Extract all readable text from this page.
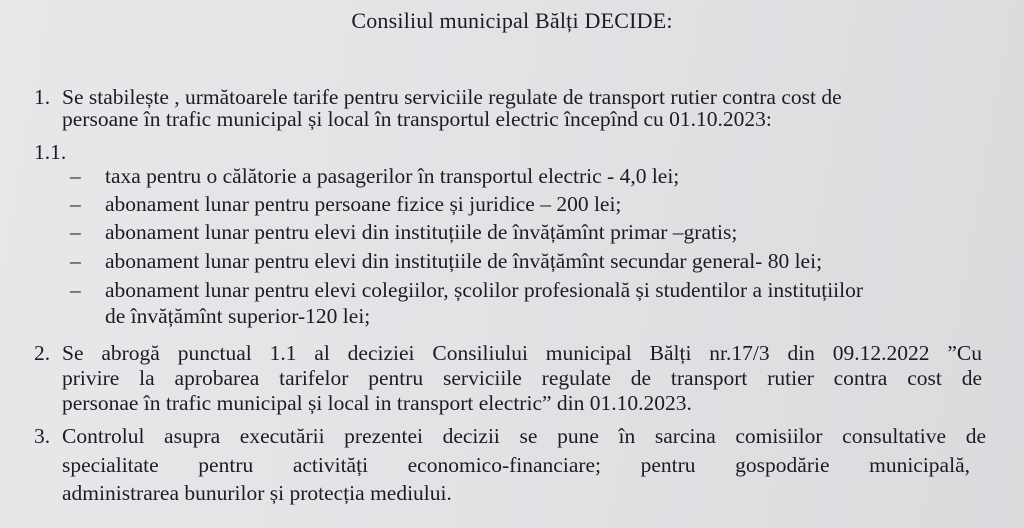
Consiliul municipal Bălți DECIDE:
1. Se stabilește , următoarele tarife pentru serviciile regulate de transport rutier contra cost de
persoane în trafic municipal și local în transportul electric începînd cu 01.10.2023:
1.1.
– taxa pentru o călătorie a pasagerilor în transportul electric - 4,0 lei;
– abonament lunar pentru persoane fizice și juridice – 200 lei;
– abonament lunar pentru elevi din instituțiile de învățămînt primar –gratis;
– abonament lunar pentru elevi din instituțiile de învățămînt secundar general- 80 lei;
– abonament lunar pentru elevi colegiilor, școlilor profesională și studentilor a instituțiilor
de învățămînt superior-120 lei;
2. Se abrogă punctual 1.1 al deciziei Consiliului municipal Bălți nr.17/3 din 09.12.2022 ”Cu
privire la aprobarea tarifelor pentru serviciile regulate de transport rutier contra cost de
personae în trafic municipal și local in transport electric” din 01.10.2023.
3. Controlul asupra executării prezentei decizii se pune în sarcina comisiilor consultative de
specialitate pentru activități economico-financiare; pentru gospodărie municipală,
administrarea bunurilor și protecția mediului.
